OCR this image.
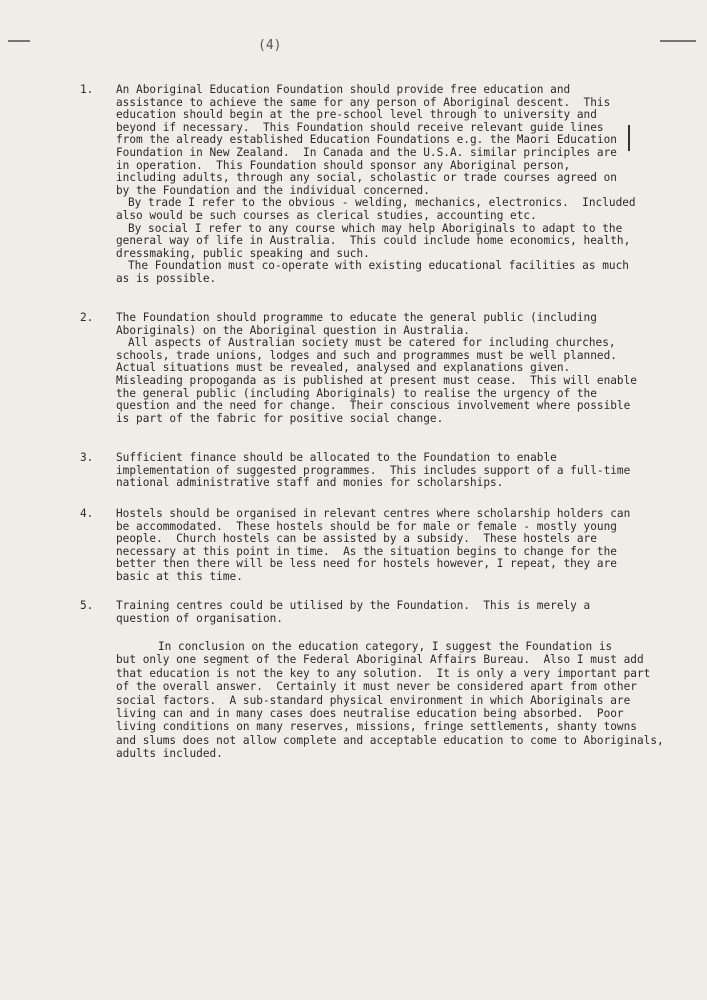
(4)
1.	An Aboriginal Education Foundation should provide free education and
assistance to achieve the same for any person of Aboriginal descent.  This
education should begin at the pre-school level through to university and
beyond if necessary.  This Foundation should receive relevant guide lines
from the already established Education Foundations e.g. the Maori Education
Foundation in New Zealand.  In Canada and the U.S.A. similar principles are
in operation.  This Foundation should sponsor any Aboriginal person,
including adults, through any social, scholastic or trade courses agreed on
by the Foundation and the individual concerned.
By trade I refer to the obvious - welding, mechanics, electronics.  Included
also would be such courses as clerical studies, accounting etc.
By social I refer to any course which may help Aboriginals to adapt to the
general way of life in Australia.  This could include home economics, health,
dressmaking, public speaking and such.
The Foundation must co-operate with existing educational facilities as much
as is possible.
2.	The Foundation should programme to educate the general public (including
Aboriginals) on the Aboriginal question in Australia.
All aspects of Australian society must be catered for including churches,
schools, trade unions, lodges and such and programmes must be well planned.
Actual situations must be revealed, analysed and explanations given.
Misleading propoganda as is published at present must cease.  This will enable
the general public (including Aboriginals) to realise the urgency of the
question and the need for change.  Their conscious involvement where possible
is part of the fabric for positive social change.
3.	Sufficient finance should be allocated to the Foundation to enable
implementation of suggested programmes.  This includes support of a full-time
national administrative staff and monies for scholarships.
4.	Hostels should be organised in relevant centres where scholarship holders can
be accommodated.  These hostels should be for male or female - mostly young
people.  Church hostels can be assisted by a subsidy.  These hostels are
necessary at this point in time.  As the situation begins to change for the
better then there will be less need for hostels however, I repeat, they are
basic at this time.
5.	Training centres could be utilised by the Foundation.  This is merely a
question of organisation.
In conclusion on the education category, I suggest the Foundation is
but only one segment of the Federal Aboriginal Affairs Bureau.  Also I must add
that education is not the key to any solution.  It is only a very important part
of the overall answer.  Certainly it must never be considered apart from other
social factors.  A sub-standard physical environment in which Aboriginals are
living can and in many cases does neutralise education being absorbed.  Poor
living conditions on many reserves, missions, fringe settlements, shanty towns
and slums does not allow complete and acceptable education to come to Aboriginals,
adults included.
